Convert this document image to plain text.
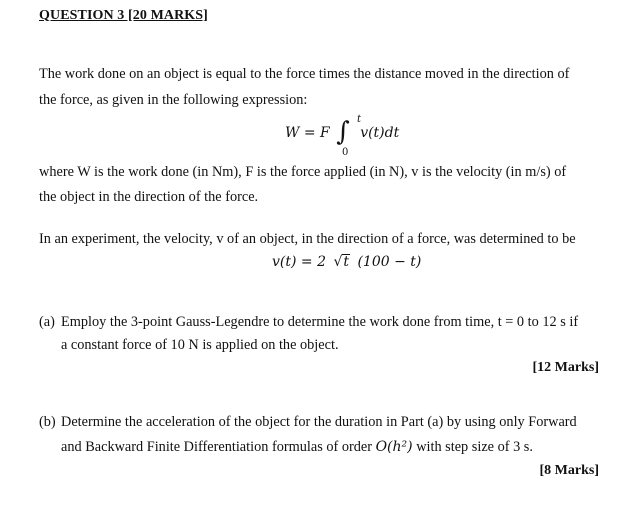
QUESTION 3 [20 MARKS]
The work done on an object is equal to the force times the distance moved in the direction of
the force, as given in the following expression:
W = F ∫ t
0
v(t)dt
where W is the work done (in Nm), F is the force applied (in N), v is the velocity (in m/s) of
the object in the direction of the force.
In an experiment, the velocity, v of an object, in the direction of a force, was determined to be
v(t) = 2 √t (100 − t)
(a) Employ the 3-point Gauss-Legendre to determine the work done from time, t = 0 to 12 s if
a constant force of 10 N is applied on the object.
[12 Marks]
(b) Determine the acceleration of the object for the duration in Part (a) by using only Forward
and Backward Finite Differentiation formulas of order O(h²) with step size of 3 s.
[8 Marks]
